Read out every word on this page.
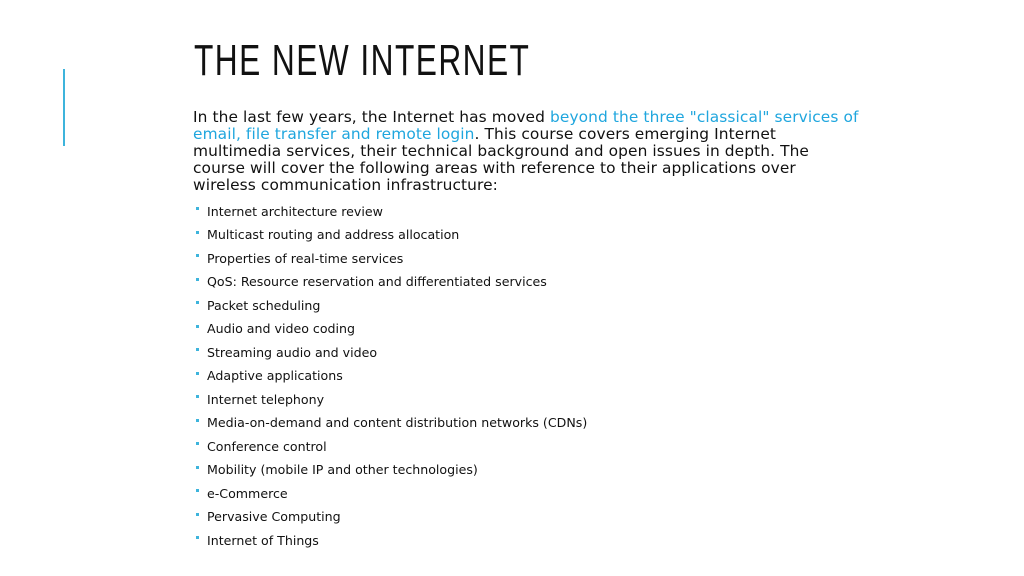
THE NEW INTERNET

In the last few years, the Internet has moved beyond the three "classical" services of email, file transfer and remote login. This course covers emerging Internet multimedia services, their technical background and open issues in depth. The course will cover the following areas with reference to their applications over wireless communication infrastructure:

Internet architecture review
Multicast routing and address allocation
Properties of real-time services
QoS: Resource reservation and differentiated services
Packet scheduling
Audio and video coding
Streaming audio and video
Adaptive applications
Internet telephony
Media-on-demand and content distribution networks (CDNs)
Conference control
Mobility (mobile IP and other technologies)
e-Commerce
Pervasive Computing
Internet of Things
